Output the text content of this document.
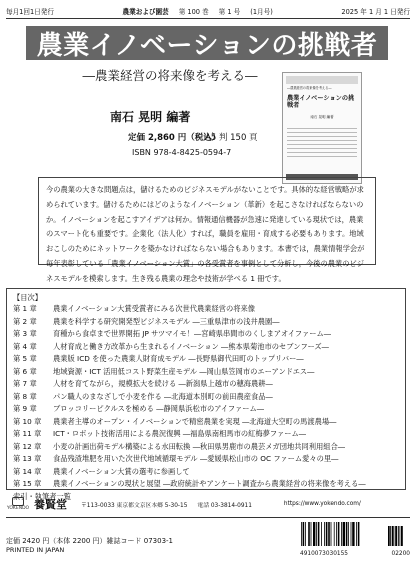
毎月1回1日発行	農業および園芸 第 100 巻 第 1 号 (1月号)	2025 年 1 月 1 日発行
農業イノベーションの挑戦者
―農業経営の将来像を考える―
南石 晃明 編著
定価 2,860 円（税込）
A5 判 150 頁
ISBN 978-4-8425-0594-7
―農業経営の将来像を考える―
農業イノベーションの挑戦者
南石 晃明 編著
今の農業の大きな問題点は，儲けるためのビジネスモデルがないことです。具体的な経営戦略が求められています。儲けるためにはどのようなイノベーション（革新）を起こさなければならないのか。イノベーションを起こすアイデアは何か。情報通信機器が急速に発達している現状では，農業のスマート化も重要です。企業化（法人化）すれば，職員を雇用・育成する必要もあります。地域おこしのためにネットワークを築かなければならない場合もあります。本書では，農業情報学会が毎年表彰している「農業イノベーション大賞」の各受賞者を事例として分析し，今後の農業のビジネスモデルを模索します。生き残る農業の理念や技術が学べる 1 冊です。
【目次】
第 1 章	農業イノベーション大賞受賞者にみる次世代農業経営の将来像
第 2 章	農業を科学する研究開発型ビジネスモデル ―三重県津市の浅井農園―
第 3 章	育種から食卓まで世界開拓 JP サツマイモ！―宮崎県串間市のくしまアオイファーム―
第 4 章	人材育成と働き方改革から生まれるイノベーション ―熊本県菊池市のセブンフーズ―
第 5 章	農業版 ICD を使った農業人財育成モデル ―長野県御代田町のトップリバー―
第 6 章	地域資源・ICT 活用低コスト野菜生産モデル ―岡山県笠岡市のエーアンドエス―
第 7 章	人材を育てながら，規模拡大を続ける ―新潟県上越市の穂海農耕―
第 8 章	パン職人のまなざしで小麦を作る ―北海道本別町の前田農産食品―
第 9 章	ブロッコリーピクルスを極める ―静岡県浜松市のアイファーム―
第 10 章	農業者主導のオープン・イノベーションで精密農業を実現 ―北海道大空町の馬渡農場―
第 11 章	ICT・ロボット技術活用による農況復興 ―福島県南相馬市の紅梅夢ファーム―
第 12 章	小麦の計画出荷モデル構築による水田転換 ―秋田県男鹿市の農芸メガ団地共同利用組合―
第 13 章	食品残渣堆肥を用いた次世代地域循環モデル ―愛媛県松山市の OC ファーム愛々の里―
第 14 章	農業イノベーション大賞の選考に参画して
第 15 章	農業イノベーションの現状と展望 ―政府統計やアンケート調査から農業経営の将来像を考える―
索引・執筆者一覧
YOKENDO 養賢堂 〒113-0033 東京都文京区本郷 5-30-15 電話 03-3814-0911	https://www.yokendo.com/
定価 2420 円（本体 2200 円）雑誌コード 07303-1
PRINTED IN JAPAN	4910073030155	02200
